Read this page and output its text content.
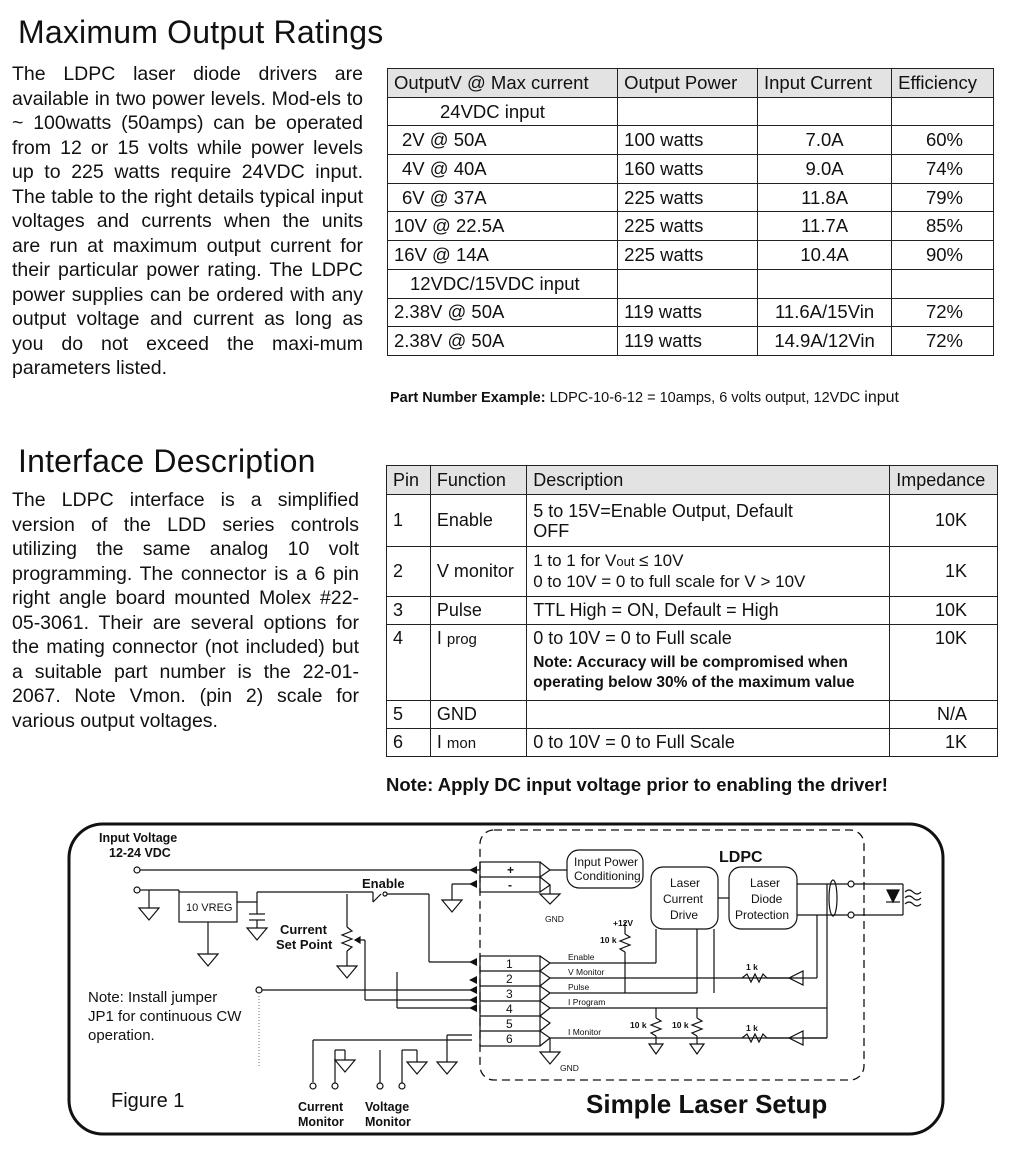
Maximum Output Ratings
The LDPC laser diode drivers are available in two power levels. Mod-els to ~ 100watts (50amps) can be operated from 12 or 15 volts while power levels up to 225 watts require 24VDC input. The table to the right details typical input voltages and currents when the units are run at maximum output current for their particular power rating. The LDPC power supplies can be ordered with any output voltage and current as long as you do not exceed the maxi-mum parameters listed.
OutputV @ Max current	Output Power	Input Current	Efficiency
24VDC input			
2V @ 50A	100 watts	7.0A	60%
4V @ 40A	160 watts	9.0A	74%
6V @ 37A	225 watts	11.8A	79%
10V @ 22.5A	225 watts	11.7A	85%
16V @ 14A	225 watts	10.4A	90%
12VDC/15VDC input			
2.38V @ 50A	119 watts	11.6A/15Vin	72%
2.38V @ 50A	119 watts	14.9A/12Vin	72%
Part Number Example: LDPC-10-6-12 = 10amps, 6 volts output, 12VDC input
Interface Description
The LDPC interface is a simplified version of the LDD series controls utilizing the same analog 10 volt programming. The connector is a 6 pin right angle board mounted Molex #22-05-3061. Their are several options for the mating connector (not included) but a suitable part number is the 22-01-2067. Note Vmon. (pin 2) scale for various output voltages.
Pin	Function	Description	Impedance
1	Enable	5 to 15V=Enable Output, Default
OFF	10K
2	V monitor	1 to 1 for Vout ≤ 10V
0 to 10V = 0 to full scale for V > 10V	1K
3	Pulse	TTL High = ON, Default = High	10K
4	I prog	0 to 10V = 0 to Full scale
Note: Accuracy will be compromised when operating below 30% of the maximum value	10K
5	GND		N/A
6	I mon	0 to 10V = 0 to Full Scale	1K
Note: Apply DC input voltage prior to enabling the driver!
Input Voltage
12-24 VDC
Enable
Current
Set Point
LDPC
Current
Monitor
Voltage
Monitor
Simple Laser Setup
Note: Install jumper
JP1 for continuous CW
operation.
Figure 1
10 VREG
Input Power
Conditioning Laser
Current
Drive
Laser
Diode
Protection
+
-
1
2
3
4
5
6
GND
GND
+12V
10 k
10 k	10 k
1 k
1 k
Enable
V Monitor
Pulse
I Program
I Monitor
